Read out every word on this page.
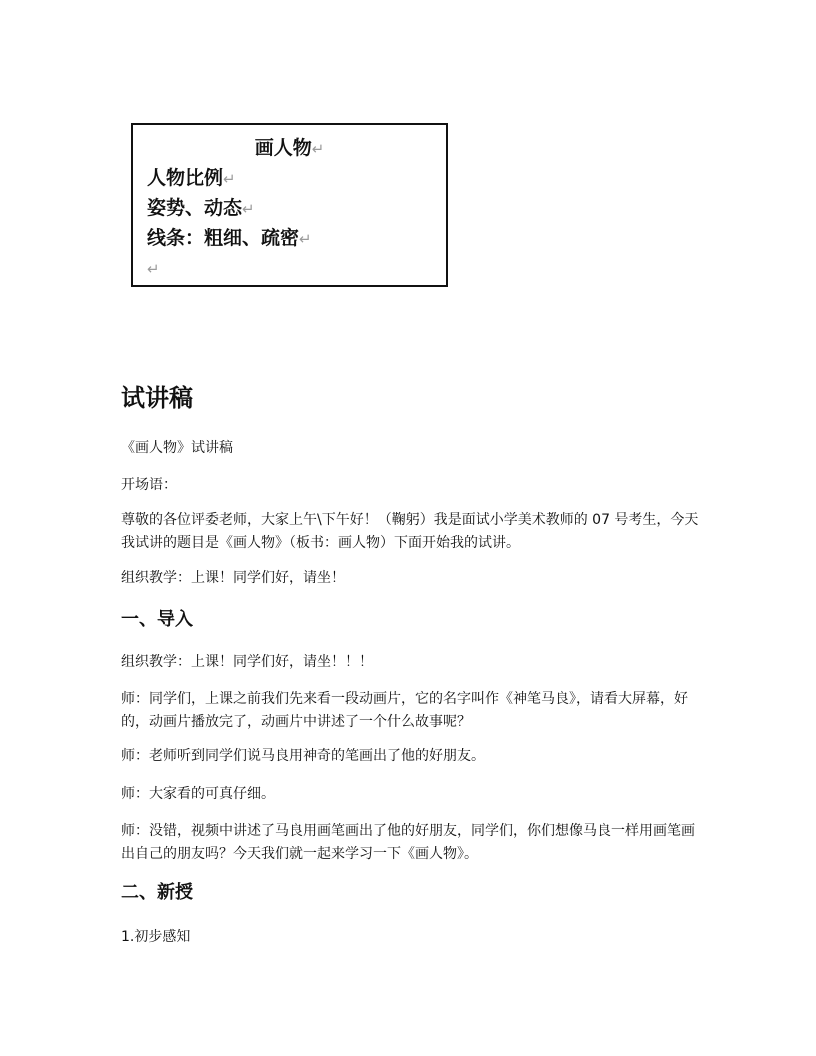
画人物↵
人物比例↵
姿势、动态↵
线条：粗细、疏密↵
↵
试讲稿

《画人物》试讲稿

开场语：

尊敬的各位评委老师，大家上午\下午好！（鞠躬）我是面试小学美术教师的 07 号考生，今天我试讲的题目是《画人物》（板书：画人物）下面开始我的试讲。

组织教学：上课！同学们好，请坐！

一、导入

组织教学：上课！同学们好，请坐！！！

师：同学们，上课之前我们先来看一段动画片，它的名字叫作《神笔马良》，请看大屏幕，好的，动画片播放完了，动画片中讲述了一个什么故事呢？

师：老师听到同学们说马良用神奇的笔画出了他的好朋友。

师：大家看的可真仔细。

师：没错，视频中讲述了马良用画笔画出了他的好朋友，同学们，你们想像马良一样用画笔画出自己的朋友吗？今天我们就一起来学习一下《画人物》。

二、新授

1.初步感知
